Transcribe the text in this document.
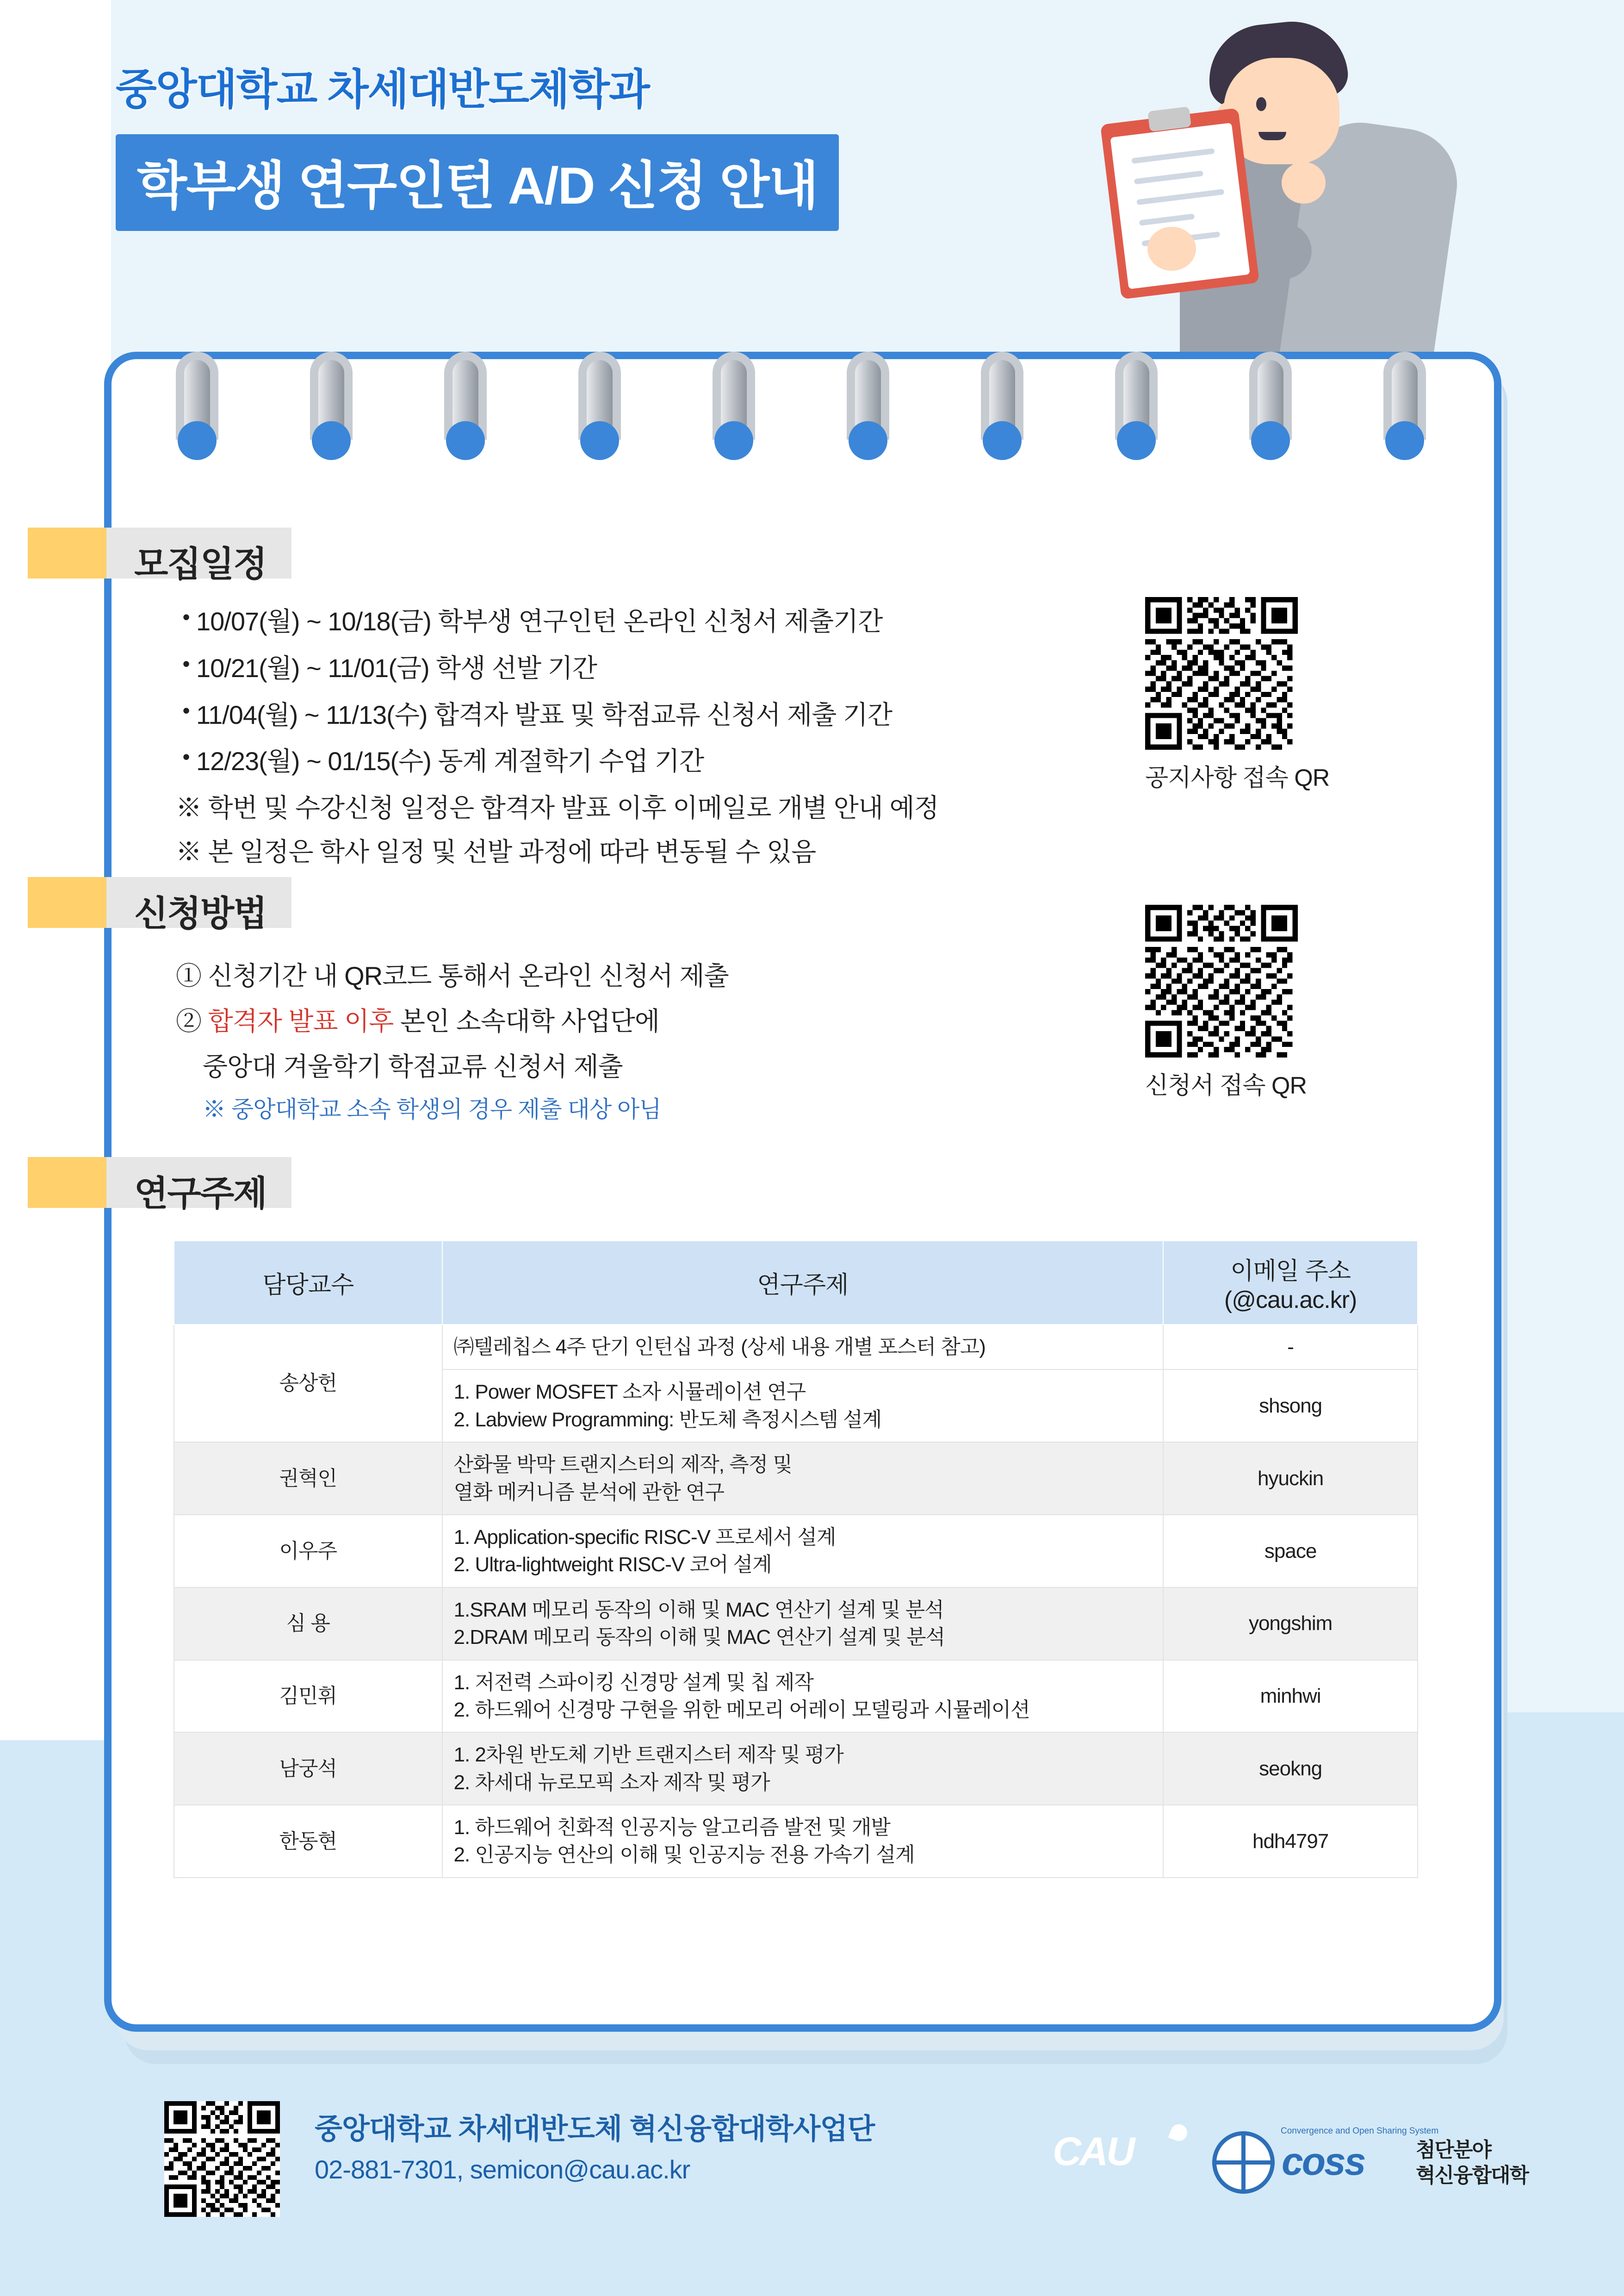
중앙대학교 차세대반도체학과
학부생 연구인턴 A/D 신청 안내
모집일정
• 10/07(월) ~ 10/18(금) 학부생 연구인턴 온라인 신청서 제출기간
• 10/21(월) ~ 11/01(금) 학생 선발 기간
• 11/04(월) ~ 11/13(수) 합격자 발표 및 학점교류 신청서 제출 기간
• 12/23(월) ~ 01/15(수) 동계 계절학기 수업 기간
※ 학번 및 수강신청 일정은 합격자 발표 이후 이메일로 개별 안내 예정
※ 본 일정은 학사 일정 및 선발 과정에 따라 변동될 수 있음
공지사항 접속 QR
신청방법
① 신청기간 내 QR코드 통해서 온라인 신청서 제출
② 합격자 발표 이후 본인 소속대학 사업단에
중앙대 겨울학기 학점교류 신청서 제출
※ 중앙대학교 소속 학생의 경우 제출 대상 아님
신청서 접속 QR
연구주제
담당교수	연구주제	이메일 주소
(@cau.ac.kr)

송상헌	㈜텔레칩스 4주 단기 인턴십 과정 (상세 내용 개별 포스터 참고)	-

	1. Power MOSFET 소자 시뮬레이션 연구
2. Labview Programming: 반도체 측정시스템 설계	shsong
권혁인	산화물 박막 트랜지스터의 제작, 측정 및
열화 메커니즘 분석에 관한 연구	hyuckin
이우주	1. Application-specific RISC-V 프로세서 설계
2. Ultra-lightweight RISC-V 코어 설계	space
심 용	1.SRAM 메모리 동작의 이해 및 MAC 연산기 설계 및 분석
2.DRAM 메모리 동작의 이해 및 MAC 연산기 설계 및 분석	yongshim
김민휘	1. 저전력 스파이킹 신경망 설계 및 칩 제작
2. 하드웨어 신경망 구현을 위한 메모리 어레이 모델링과 시뮬레이션	minhwi
남궁석	1. 2차원 반도체 기반 트랜지스터 제작 및 평가
2. 차세대 뉴로모픽 소자 제작 및 평가	seokng
한동현	1. 하드웨어 친화적 인공지능 알고리즘 발전 및 개발
2. 인공지능 연산의 이해 및 인공지능 전용 가속기 설계	hdh4797
중앙대학교 차세대반도체 혁신융합대학사업단
02-881-7301, semicon@cau.ac.kr	CAU	Convergence and Open Sharing System
coss	첨단분야
혁신융합대학
